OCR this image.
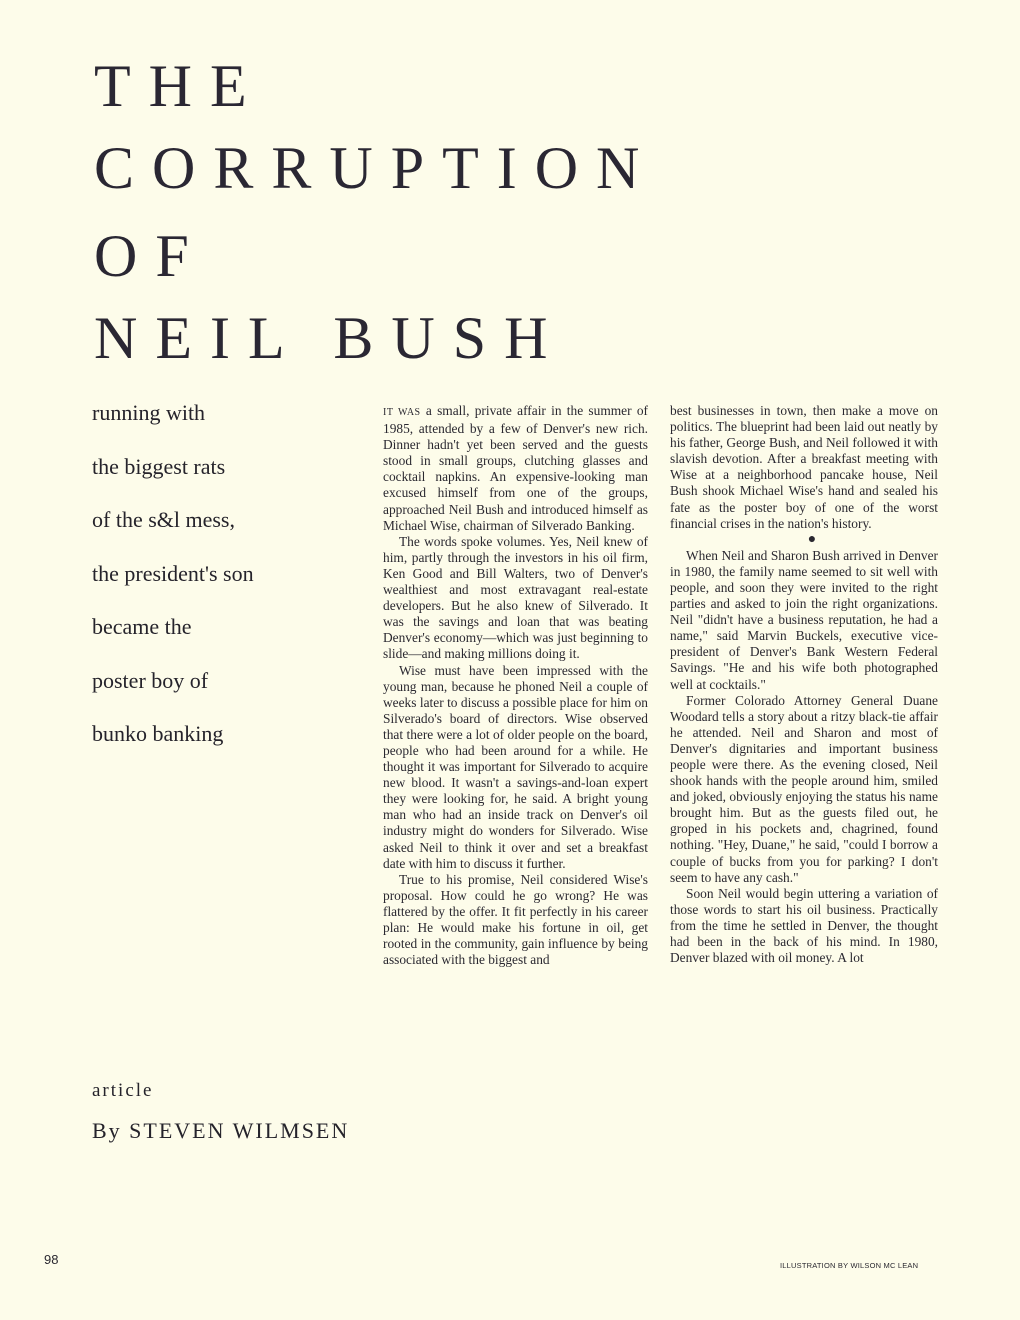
THE
CORRUPTION
OF
NEIL BUSH
running with
the biggest rats
of the s&l mess,
the president's son
became the
poster boy of
bunko banking
article
By STEVEN WILMSEN

IT WAS a small, private affair in the summer of 1985, attended by a few of Denver's new rich. Dinner hadn't yet been served and the guests stood in small groups, clutching glasses and cocktail napkins. An expensive-looking man excused himself from one of the groups, approached Neil Bush and introduced himself as Michael Wise, chairman of Silverado Banking.

The words spoke volumes. Yes, Neil knew of him, partly through the investors in his oil firm, Ken Good and Bill Walters, two of Denver's wealthiest and most extravagant real-estate developers. But he also knew of Silverado. It was the savings and loan that was beating Denver's economy—which was just beginning to slide—and making millions doing it.

Wise must have been impressed with the young man, because he phoned Neil a couple of weeks later to discuss a possible place for him on Silverado's board of directors. Wise observed that there were a lot of older people on the board, people who had been around for a while. He thought it was important for Silverado to acquire new blood. It wasn't a savings-and-loan expert they were looking for, he said. A bright young man who had an inside track on Denver's oil industry might do wonders for Silverado. Wise asked Neil to think it over and set a breakfast date with him to discuss it further.

True to his promise, Neil considered Wise's proposal. How could he go wrong? He was flattered by the offer. It fit perfectly in his career plan: He would make his fortune in oil, get rooted in the community, gain influence by being associated with the biggest and

best businesses in town, then make a move on politics. The blueprint had been laid out neatly by his father, George Bush, and Neil followed it with slavish devotion. After a breakfast meeting with Wise at a neighborhood pancake house, Neil Bush shook Michael Wise's hand and sealed his fate as the poster boy of one of the worst financial crises in the nation's history.

●

When Neil and Sharon Bush arrived in Denver in 1980, the family name seemed to sit well with people, and soon they were invited to the right parties and asked to join the right organizations. Neil "didn't have a business reputation, he had a name," said Marvin Buckels, executive vice-president of Denver's Bank Western Federal Savings. "He and his wife both photographed well at cocktails."

Former Colorado Attorney General Duane Woodard tells a story about a ritzy black-tie affair he attended. Neil and Sharon and most of Denver's dignitaries and important business people were there. As the evening closed, Neil shook hands with the people around him, smiled and joked, obviously enjoying the status his name brought him. But as the guests filed out, he groped in his pockets and, chagrined, found nothing. "Hey, Duane," he said, "could I borrow a couple of bucks from you for parking? I don't seem to have any cash."

Soon Neil would begin uttering a variation of those words to start his oil business. Practically from the time he settled in Denver, the thought had been in the back of his mind. In 1980, Denver blazed with oil money. A lot

98	ILLUSTRATION BY WILSON MC LEAN
